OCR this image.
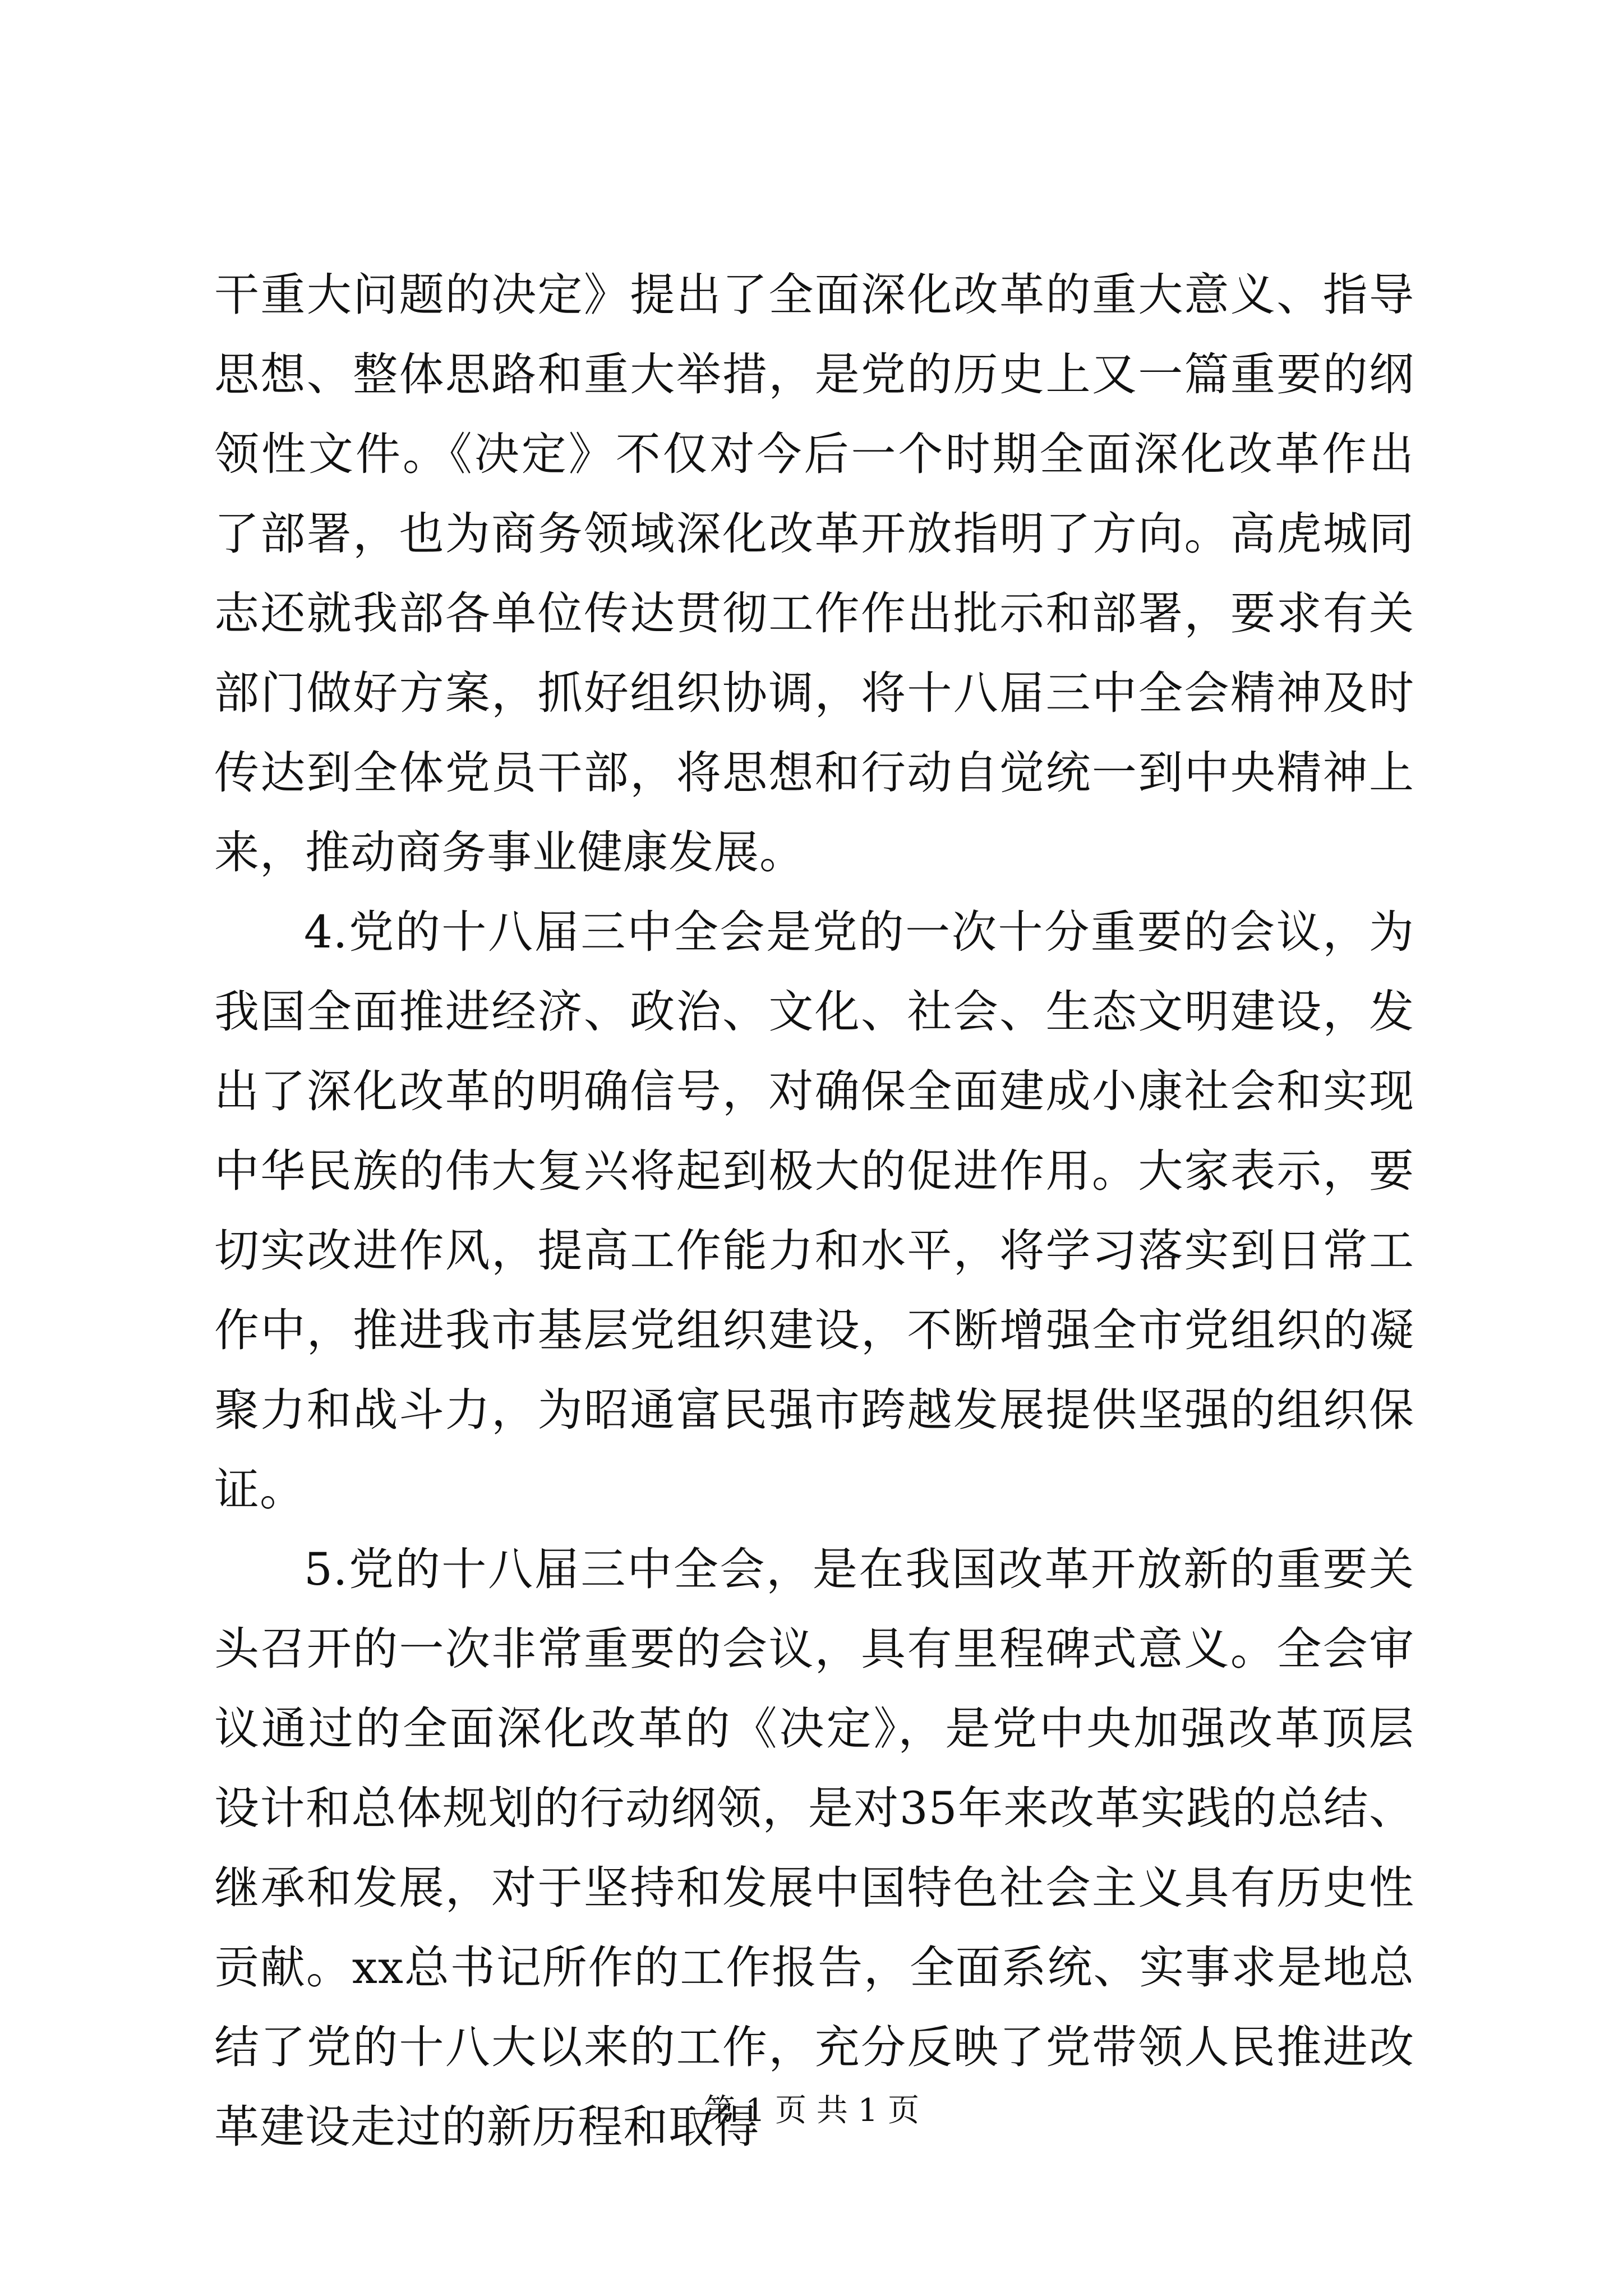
干重大问题的决定》提出了全面深化改革的重大意义、指导思想、整体思路和重大举措，是党的历史上又一篇重要的纲领性文件。《决定》不仅对今后一个时期全面深化改革作出了部署，也为商务领域深化改革开放指明了方向。高虎城同志还就我部各单位传达贯彻工作作出批示和部署，要求有关部门做好方案，抓好组织协调，将十八届三中全会精神及时传达到全体党员干部，将思想和行动自觉统一到中央精神上来，推动商务事业健康发展。

4.党的十八届三中全会是党的一次十分重要的会议，为我国全面推进经济、政治、文化、社会、生态文明建设，发出了深化改革的明确信号，对确保全面建成小康社会和实现中华民族的伟大复兴将起到极大的促进作用。大家表示，要切实改进作风，提高工作能力和水平，将学习落实到日常工作中，推进我市基层党组织建设，不断增强全市党组织的凝聚力和战斗力，为昭通富民强市跨越发展提供坚强的组织保证。

5.党的十八届三中全会，是在我国改革开放新的重要关头召开的一次非常重要的会议，具有里程碑式意义。全会审议通过的全面深化改革的《决定》，是党中央加强改革顶层设计和总体规划的行动纲领，是对35年来改革实践的总结、继承和发展，对于坚持和发展中国特色社会主义具有历史性贡献。xx总书记所作的工作报告，全面系统、实事求是地总结了党的十八大以来的工作，充分反映了党带领人民推进改革建设走过的新历程和取得

第 1 页 共 1 页
